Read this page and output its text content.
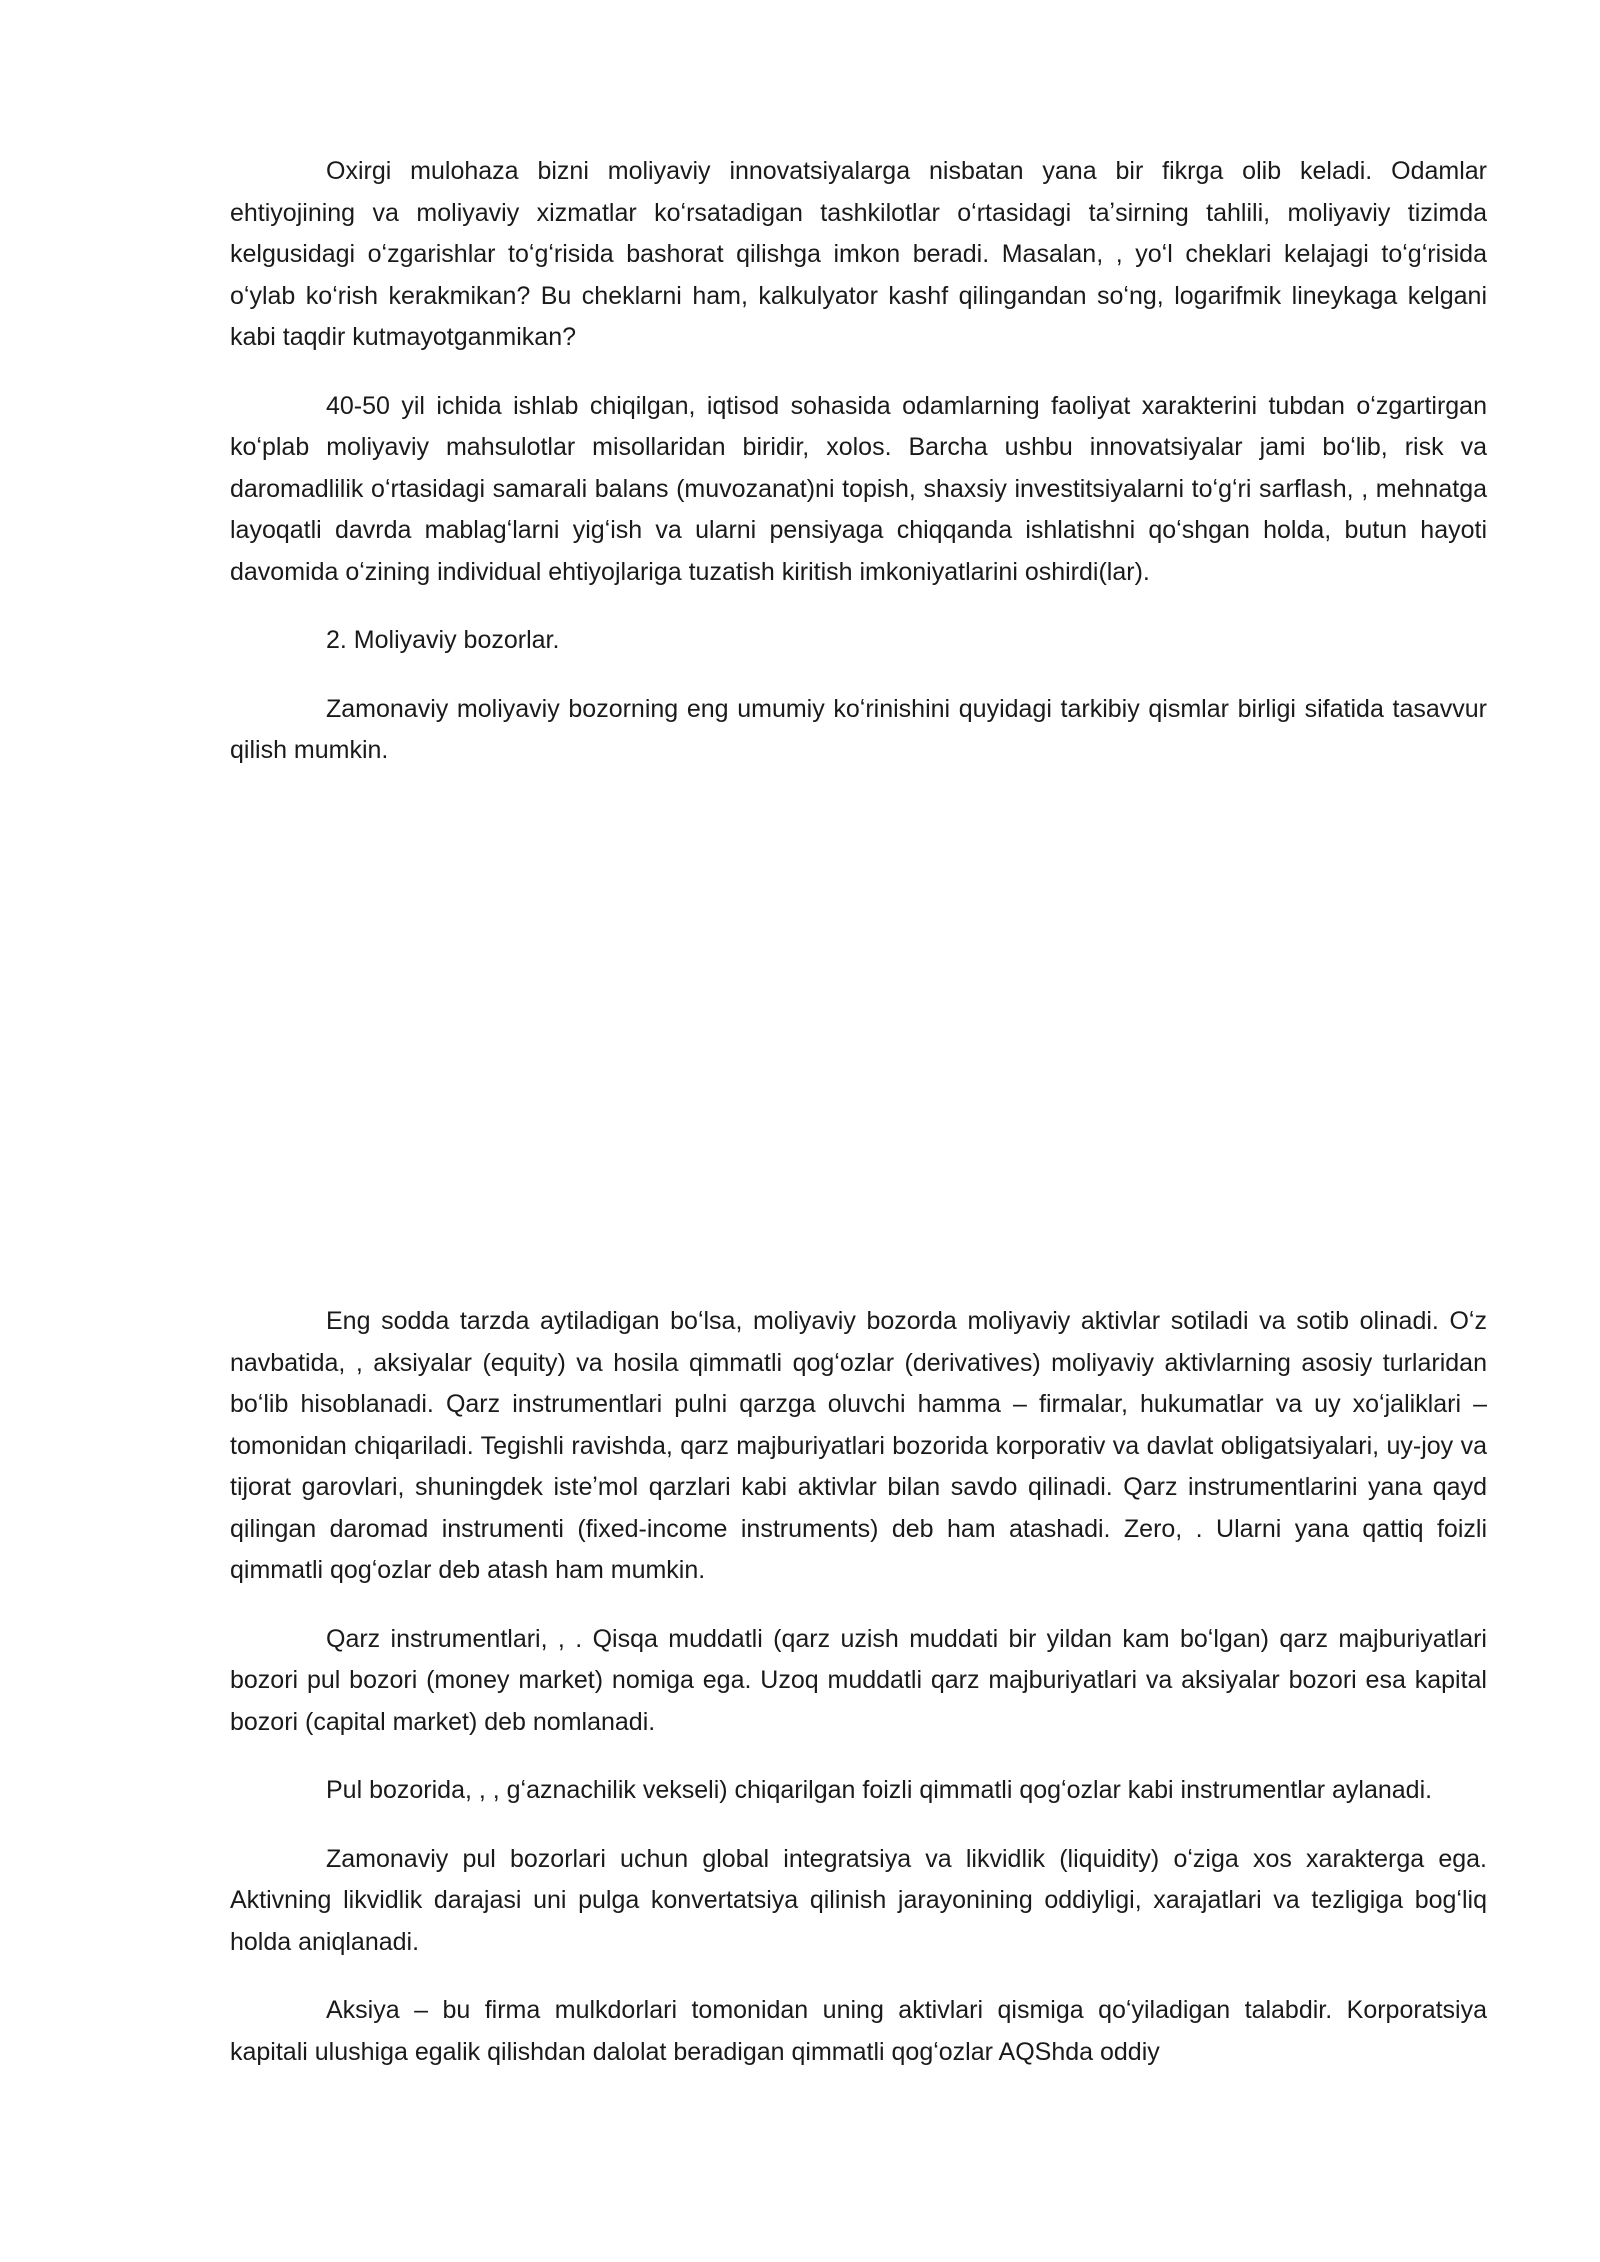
Oxirgi mulohaza bizni moliyaviy innovatsiyalarga nisbatan yana bir fikrga olib keladi. Odamlar ehtiyojining va moliyaviy xizmatlar koʻrsatadigan tashkilotlar oʻrtasidagi taʼsirning tahlili, moliyaviy tizimda kelgusidagi oʻzgarishlar toʻgʻrisida bashorat qilishga imkon beradi. Masalan, , yoʻl cheklari kelajagi toʻgʻrisida oʻylab koʻrish kerakmikan? Bu cheklarni ham, kalkulyator kashf qilingandan soʻng, logarifmik lineykaga kelgani kabi taqdir kutmayotganmikan?

40-50 yil ichida ishlab chiqilgan, iqtisod sohasida odamlarning faoliyat xarakterini tubdan oʻzgartirgan koʻplab moliyaviy mahsulotlar misollaridan biridir, xolos. Barcha ushbu innovatsiyalar jami boʻlib, risk va daromadlilik oʻrtasidagi samarali balans (muvozanat)ni topish, shaxsiy investitsiyalarni toʻgʻri sarflash, , mehnatga layoqatli davrda mablagʻlarni yigʻish va ularni pensiyaga chiqqanda ishlatishni qoʻshgan holda, butun hayoti davomida oʻzining individual ehtiyojlariga tuzatish kiritish imkoniyatlarini oshirdi(lar).

2. Moliyaviy bozorlar.

Zamonaviy moliyaviy bozorning eng umumiy koʻrinishini quyidagi tarkibiy qismlar birligi sifatida tasavvur qilish mumkin.

Eng sodda tarzda aytiladigan boʻlsa, moliyaviy bozorda moliyaviy aktivlar sotiladi va sotib olinadi. Oʻz navbatida, , aksiyalar (equity) va hosila qimmatli qogʻozlar (derivatives) moliyaviy aktivlarning asosiy turlaridan boʻlib hisoblanadi. Qarz instrumentlari pulni qarzga oluvchi hamma – firmalar, hukumatlar va uy xoʻjaliklari – tomonidan chiqariladi. Tegishli ravishda, qarz majburiyatlari bozorida korporativ va davlat obligatsiyalari, uy-joy va tijorat garovlari, shuningdek isteʼmol qarzlari kabi aktivlar bilan savdo qilinadi. Qarz instrumentlarini yana qayd qilingan daromad instrumenti (fixed-income instruments) deb ham atashadi. Zero, . Ularni yana qattiq foizli qimmatli qogʻozlar deb atash ham mumkin.

Qarz instrumentlari, , . Qisqa muddatli (qarz uzish muddati bir yildan kam boʻlgan) qarz majburiyatlari bozori pul bozori (money market) nomiga ega. Uzoq muddatli qarz majburiyatlari va aksiyalar bozori esa kapital bozori (capital market) deb nomlanadi.

Pul bozorida, , , gʻaznachilik vekseli) chiqarilgan foizli qimmatli qogʻozlar kabi instrumentlar aylanadi.

Zamonaviy pul bozorlari uchun global integratsiya va likvidlik (liquidity) oʻziga xos xarakterga ega. Aktivning likvidlik darajasi uni pulga konvertatsiya qilinish jarayonining oddiyligi, xarajatlari va tezligiga bogʻliq holda aniqlanadi.

Aksiya – bu firma mulkdorlari tomonidan uning aktivlari qismiga qoʻyiladigan talabdir. Korporatsiya kapitali ulushiga egalik qilishdan dalolat beradigan qimmatli qogʻozlar AQShda oddiy
